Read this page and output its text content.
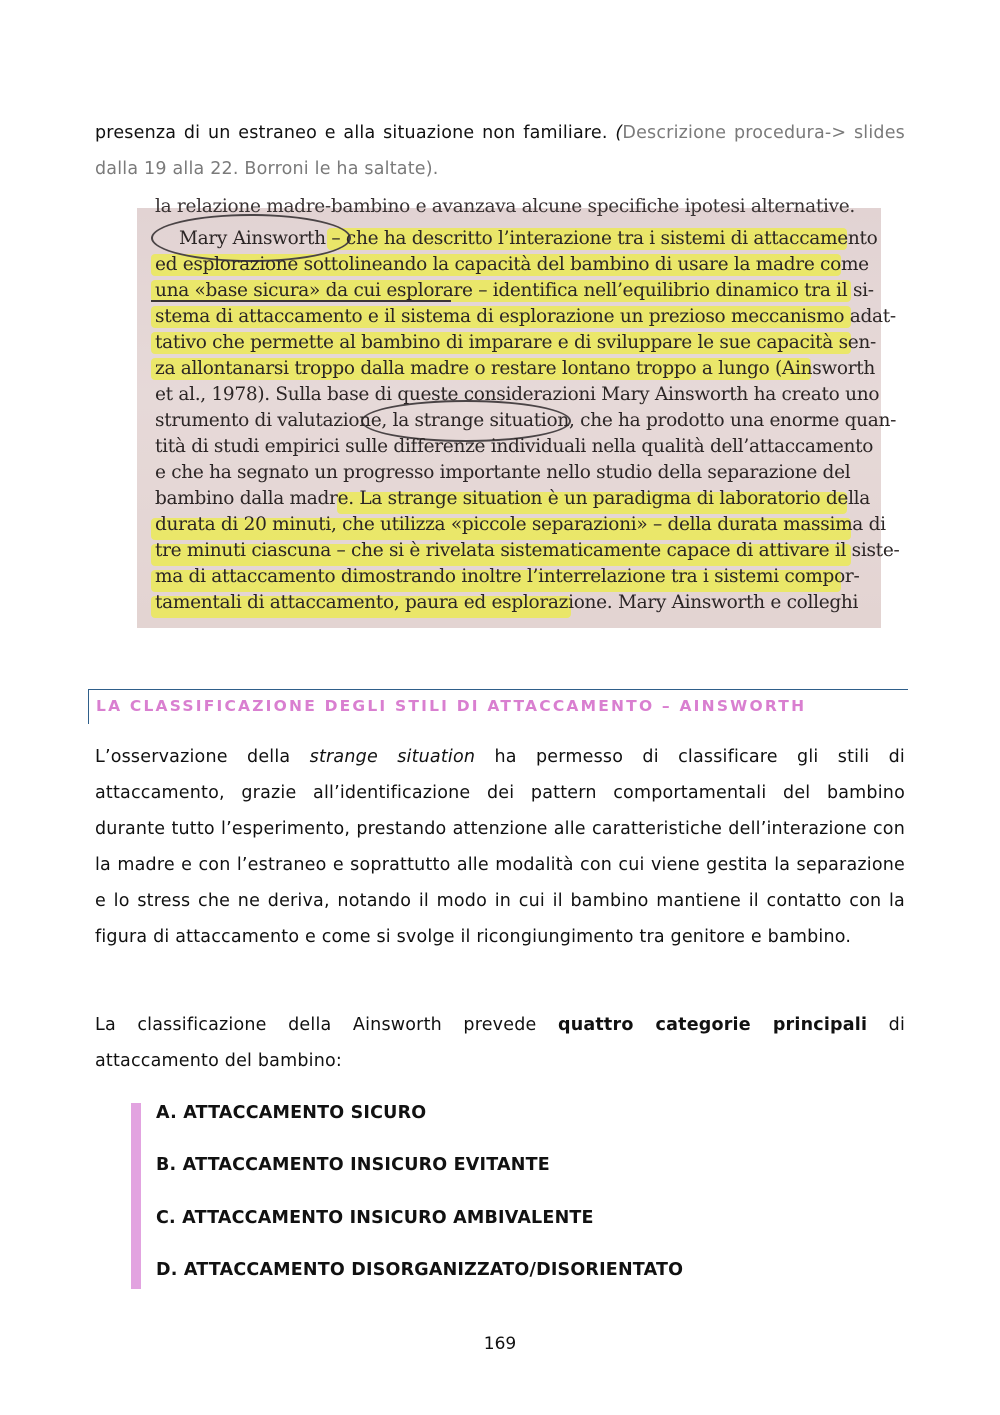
presenza di un estraneo e alla situazione non familiare. (Descrizione procedura-> slides dalla 19 alla 22. Borroni le ha saltate).
la relazione madre-bambino e avanzava alcune specifiche ipotesi alternative.
Mary Ainsworth – che ha descritto l’interazione tra i sistemi di attaccamento
ed esplorazione sottolineando la capacità del bambino di usare la madre come
una «base sicura» da cui esplorare – identifica nell’equilibrio dinamico tra il si-
stema di attaccamento e il sistema di esplorazione un prezioso meccanismo adat-
tativo che permette al bambino di imparare e di sviluppare le sue capacità sen-
za allontanarsi troppo dalla madre o restare lontano troppo a lungo (Ainsworth
et al., 1978). Sulla base di queste considerazioni Mary Ainsworth ha creato uno
strumento di valutazione, la strange situation, che ha prodotto una enorme quan-
tità di studi empirici sulle differenze individuali nella qualità dell’attaccamento
e che ha segnato un progresso importante nello studio della separazione del
bambino dalla madre. La strange situation è un paradigma di laboratorio della
durata di 20 minuti, che utilizza «piccole separazioni» – della durata massima di
tre minuti ciascuna – che si è rivelata sistematicamente capace di attivare il siste-
ma di attaccamento dimostrando inoltre l’interrelazione tra i sistemi compor-
tamentali di attaccamento, paura ed esplorazione. Mary Ainsworth e colleghi
LA CLASSIFICAZIONE DEGLI STILI DI ATTACCAMENTO – AINSWORTH
L’osservazione della strange situation ha permesso di classificare gli stili di attaccamento, grazie all’identificazione dei pattern comportamentali del bambino durante tutto l’esperimento, prestando attenzione alle caratteristiche dell’interazione con la madre e con l’estraneo e soprattutto alle modalità con cui viene gestita la separazione e lo stress che ne deriva, notando il modo in cui il bambino mantiene il contatto con la figura di attaccamento e come si svolge il ricongiungimento tra genitore e bambino.
La classificazione della Ainsworth prevede quattro categorie principali di attaccamento del bambino:
A. ATTACCAMENTO SICURO
B. ATTACCAMENTO INSICURO EVITANTE
C. ATTACCAMENTO INSICURO AMBIVALENTE
D. ATTACCAMENTO DISORGANIZZATO/DISORIENTATO
169
